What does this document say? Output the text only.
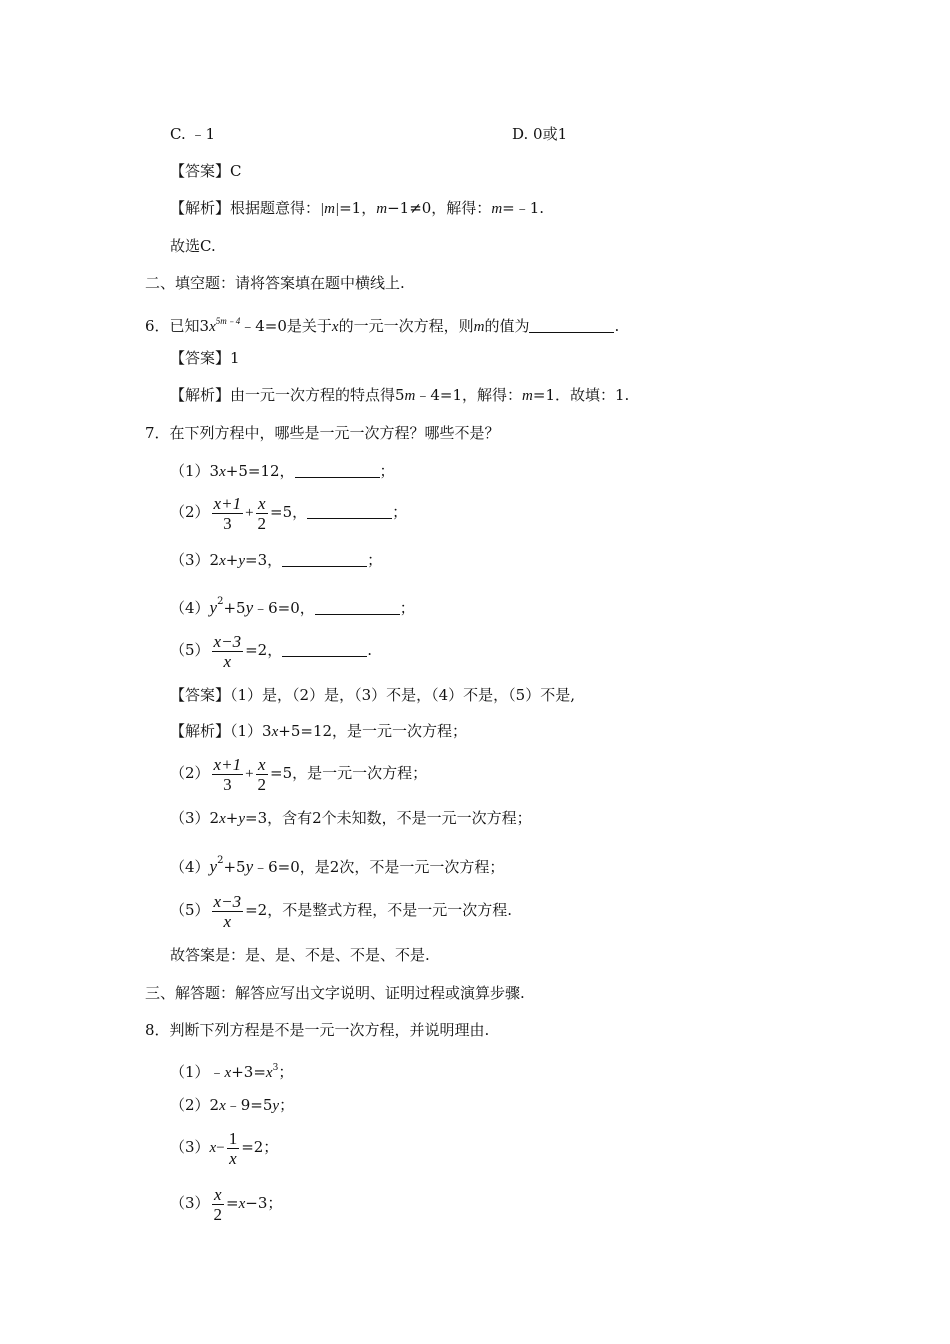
C. ﹣1	D. 0或1
【答案】C
【解析】根据题意得：|m|=1，m−1≠0，解得：m=﹣1.
故选C.
二、填空题：请将答案填在题中横线上.
6．已知$3x^{5m﹣4}﹣4=0$是关于x的一元一次方程，则m的值为	.
【答案】1
【解析】由一元一次方程的特点得5m﹣4=1，解得：m=1．故填：1.
7．在下列方程中，哪些是一元一次方程？哪些不是？
（1）3x+5=12，	；
$(2) \frac{x+1}{3} + \frac{x}{2} =5$，	；
（3）2x+y=3，	；
$(4)y^2+5y﹣6=0$，	；
$(5) \frac{x-3}{x} =2$，	.
【答案】（1）是，（2）是，（3）不是，（4）不是，（5）不是,
【解析】（1）3x+5=12，是一元一次方程；
$(2) \frac{x+1}{3} + \frac{x}{2} =5$，是一元一次方程；
（3）2x+y=3，含有2个未知数，不是一元一次方程；
$(4)y^2+5y﹣6=0$，是2次，不是一元一次方程；
$(5) \frac{x-3}{x} =2$，不是整式方程，不是一元一次方程.
故答案是：是、是、不是、不是、不是.
三、解答题：解答应写出文字说明、证明过程或演算步骤.
8．判断下列方程是不是一元一次方程，并说明理由.
$(1)﹣x+3=x^3$；
（2）2x﹣9=5y；
$(3)x- \frac{1}{x} =2$；
$(3) \frac{x}{2} =x-3$；
